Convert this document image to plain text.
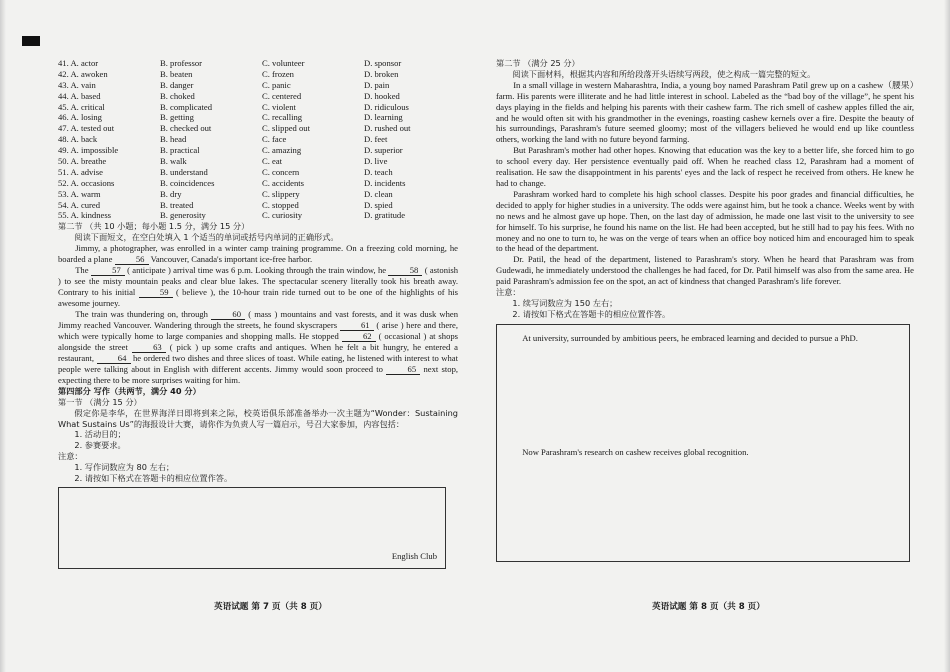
41. A. actor	B. professor	C. volunteer	D. sponsor
42. A. awoken	B. beaten	C. frozen	D. broken
43. A. vain	B. danger	C. panic	D. pain
44. A. based	B. choked	C. centered	D. hooked
45. A. critical	B. complicated	C. violent	D. ridiculous
46. A. losing	B. getting	C. recalling	D. learning
47. A. tested out	B. checked out	C. slipped out	D. rushed out
48. A. back	B. head	C. face	D. feet
49. A. impossible	B. practical	C. amazing	D. superior
50. A. breathe	B. walk	C. eat	D. live
51. A. advise	B. understand	C. concern	D. teach
52. A. occasions	B. coincidences	C. accidents	D. incidents
53. A. warm	B. dry	C. slippery	D. clean
54. A. cured	B. treated	C. stopped	D. spied
55. A. kindness	B. generosity	C. curiosity	D. gratitude
第二节 （共 10 小题；每小题 1.5 分，满分 15 分）
阅读下面短文，在空白处填入 1 个适当的单词或括号内单词的正确形式。

Jimmy, a photographer, was enrolled in a winter camp training programme. On a freezing cold morning, he boarded a plane	56 Vancouver, Canada's important ice-free harbor.

The	57 ( anticipate ) arrival time was 6 p.m. Looking through the train window, he	58 ( astonish ) to see the misty mountain peaks and clear blue lakes. The spectacular scenery literally took his breath away. Contrary to his initial	59 ( believe ), the 10-hour train ride turned out to be one of the highlights of his awesome journey.

The train was thundering on, through	60 ( mass ) mountains and vast forests, and it was dusk when Jimmy reached Vancouver. Wandering through the streets, he found skyscrapers	61 ( arise ) here and there, which were typically home to large companies and shopping malls. He stopped	62 ( occasional ) at shops alongside the street	63 ( pick ) up some crafts and antiques. When he felt a bit hungry, he entered a restaurant,	64 he ordered two dishes and three slices of toast. While eating, he listened with interest to what people were talking about in English with different accents. Jimmy would soon proceed to	65 next stop, expecting there to be more surprises waiting for him.

第四部分 写作（共两节，满分 40 分）
第一节 （满分 15 分）

假定你是李华，在世界海洋日即将到来之际，校英语俱乐部准备举办一次主题为“Wonder：Sustaining What Sustains Us”的海报设计大赛，请你作为负责人写一篇启示，号召大家参加，内容包括：

1. 活动目的；
2. 参赛要求。
注意：
1. 写作词数应为 80 左右；
2. 请按如下格式在答题卡的相应位置作答。
English Club
英语试题 第 7 页（共 8 页）
第二节 （满分 25 分）
阅读下面材料，根据其内容和所给段落开头语续写两段，使之构成一篇完整的短文。

In a small village in western Maharashtra, India, a young boy named Parashram Patil grew up on a cashew（腰果）farm. His parents were illiterate and he had little interest in school. Labeled as the “bad boy of the village”, he spent his days playing in the fields and helping his parents with their cashew farm. The rich smell of cashew apples filled the air, and he would often sit with his grandmother in the evenings, roasting cashew kernels over a fire. Despite the beauty of his surroundings, Parashram's future seemed gloomy; most of the villagers believed he would end up like countless others, working the land with no future beyond farming.

But Parashram's mother had other hopes. Knowing that education was the key to a better life, she forced him to go to school every day. Her persistence eventually paid off. When he reached class 12, Parashram had a moment of realisation. He saw the disappointment in his parents' eyes and the lack of respect he received from others. He knew he had to change.

Parashram worked hard to complete his high school classes. Despite his poor grades and financial difficulties, he decided to apply for higher studies in a university. The odds were against him, but he took a chance. Weeks went by with no news and he almost gave up hope. Then, on the last day of admission, he made one last visit to the university to see for himself. To his surprise, he found his name on the list. He had been accepted, but he still had to pay his fees. With no money and no one to turn to, he was on the verge of tears when an office boy noticed him and encouraged him to speak to the head of the department.

Dr. Patil, the head of the department, listened to Parashram's story. When he heard that Parashram was from Gudewadi, he immediately understood the challenges he had faced, for Dr. Patil himself was also from the same area. He paid Parashram's admission fee on the spot, an act of kindness that changed Parashram's life forever.

注意：
1. 续写词数应为 150 左右；
2. 请按如下格式在答题卡的相应位置作答。
At university, surrounded by ambitious peers, he embraced learning and decided to pursue a PhD.
Now Parashram's research on cashew receives global recognition.
英语试题 第 8 页（共 8 页）
